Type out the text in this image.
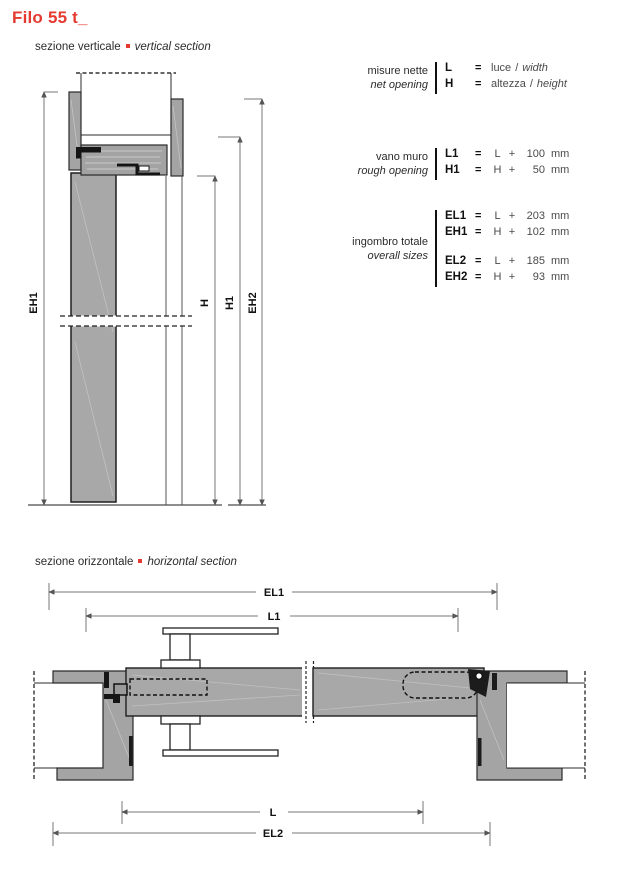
Filo 55 t_
sezione verticale vertical section
misure nette
net opening
L	= luce / width
H	= altezza / height
vano muro
rough opening
L1	=	L +	100 mm
H1	=	H +	50 mm
ingombro totale
overall sizes
EL1 =	L +	203 mm
EH1 =	H +	102 mm
EL2 =	L +	185 mm
EH2 =	H +	93 mm
EH1	H H1 EH2
sezione orizzontale horizontal section
EL1
L1
L
EL2
